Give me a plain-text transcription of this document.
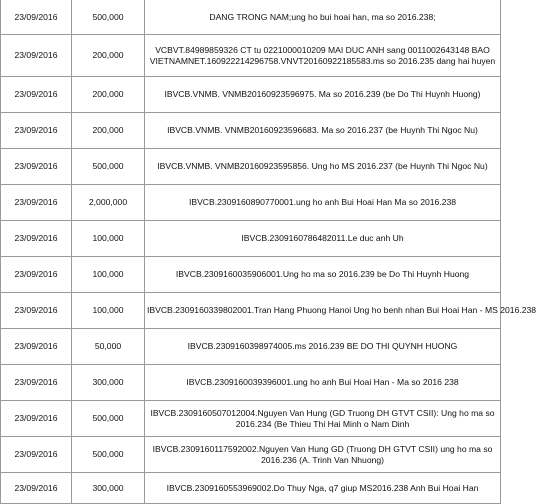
23/09/2016	500,000	DANG TRONG NAM;ung ho bui hoai han, ma so 2016.238;
23/09/2016	200,000	VCBVT.84989859326 CT tu 0221000010209 MAI DUC ANH sang 0011002643148 BAO VIETNAMNET.160922214296758.VNVT20160922185583.ms so 2016.235 dang hai huyen
23/09/2016	200,000	IBVCB.VNMB. VNMB20160923596975. Ma so 2016.239 (be Do Thi Huynh Huong)
23/09/2016	200,000	IBVCB.VNMB. VNMB20160923596683. Ma so 2016.237 (be Huynh Thi Ngoc Nu)
23/09/2016	500,000	IBVCB.VNMB. VNMB20160923595856. Ung ho MS 2016.237 (be Huynh Thi Ngoc Nu)
23/09/2016	2,000,000	IBVCB.2309160890770001.ung ho anh Bui Hoai Han Ma so 2016.238
23/09/2016	100,000	IBVCB.2309160786482011.Le duc anh Uh
23/09/2016	100,000	IBVCB.2309160035906001.Ung ho ma so 2016.239 be Do Thi Huynh Huong
23/09/2016	100,000	IBVCB.2309160339802001.Tran Hang Phuong Hanoi Ung ho benh nhan Bui Hoai Han - MS 2016.238
23/09/2016	50,000	IBVCB.2309160398974005.ms 2016.239 BE DO THI QUYNH HUONG
23/09/2016	300,000	IBVCB.2309160039396001.ung ho anh Bui Hoai Han - Ma so 2016 238
23/09/2016	500,000	IBVCB.2309160507012004.Nguyen Van Hung (GD Truong DH GTVT CSII): Ung ho ma so 2016.234 (Be Thieu Thi Hai Minh o Nam Dinh
23/09/2016	500,000	IBVCB.2309160117592002.Nguyen Van Hung GD (Truong DH GTVT CSII) ung ho ma so 2016.236 (A. Trinh Van Nhuong)
23/09/2016	300,000	IBVCB.2309160553969002.Do Thuy Nga, q7 giup MS2016.238 Anh Bui Hoai Han
